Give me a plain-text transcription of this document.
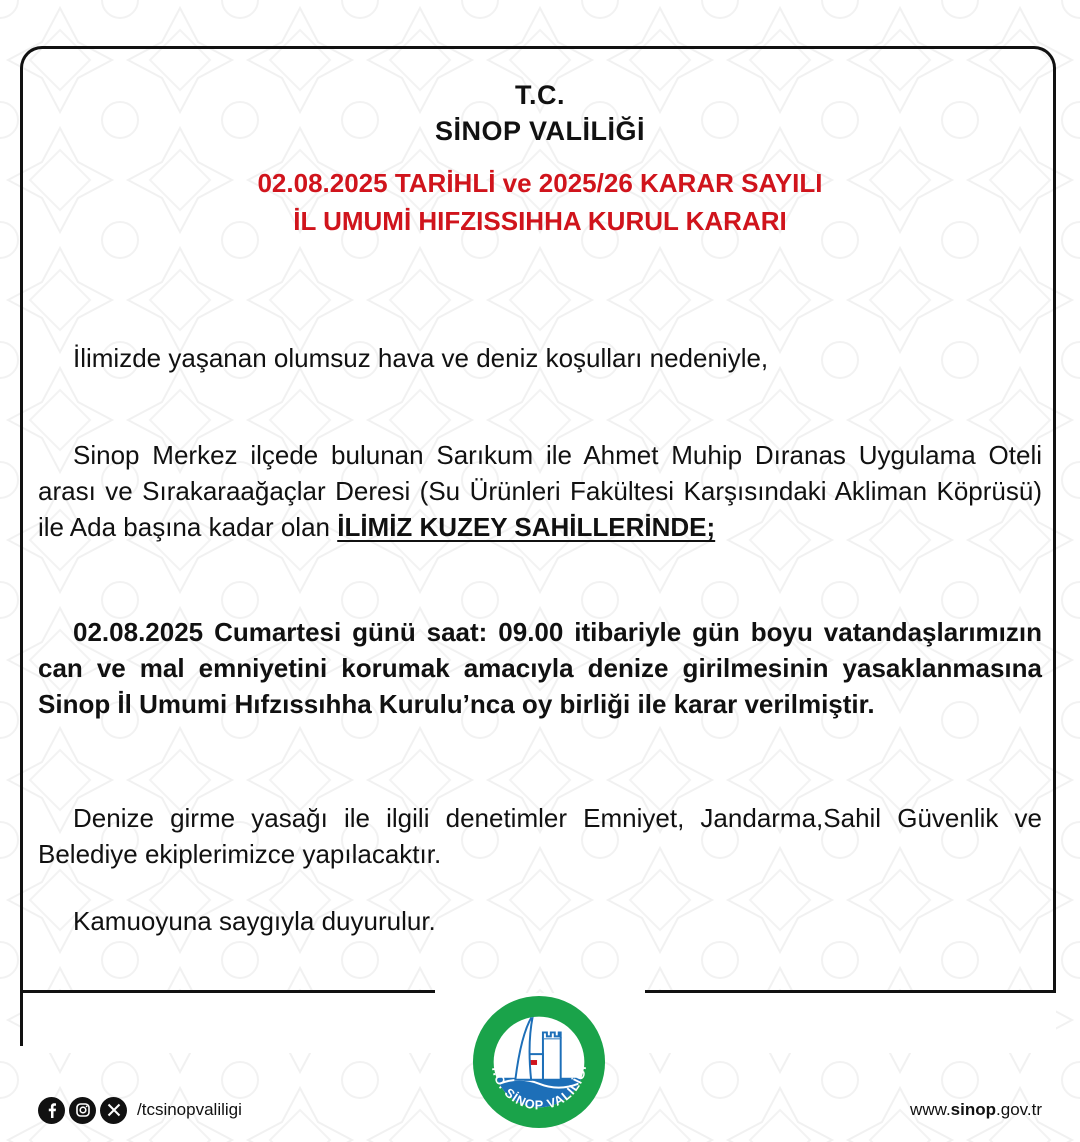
T.C.
SİNOP VALİLİĞİ
02.08.2025 TARİHLİ ve 2025/26 KARAR SAYILI
İL UMUMİ HIFZISSIHHA KURUL KARARI
İlimizde yaşanan olumsuz hava ve deniz koşulları nedeniyle,
Sinop Merkez ilçede bulunan Sarıkum ile Ahmet Muhip Dıranas Uygulama Oteli arası ve Sırakaraağaçlar Deresi (Su Ürünleri Fakültesi Karşısındaki Akliman Köprüsü) ile Ada başına kadar olan İLİMİZ KUZEY SAHİLLERİNDE;
02.08.2025 Cumartesi günü saat: 09.00 itibariyle gün boyu vatandaşlarımızın can ve mal emniyetini korumak amacıyla denize girilmesinin yasaklanmasına Sinop İl Umumi Hıfzıssıhha Kurulu’nca oy birliği ile karar verilmiştir.
Denize girme yasağı ile ilgili denetimler Emniyet, Jandarma,Sahil Güvenlik ve Belediye ekiplerimizce yapılacaktır.
Kamuoyuna saygıyla duyurulur.
T.C. SİNOP VALİLİĞİ
/tcsinopvaliligi	www.sinop.gov.tr
